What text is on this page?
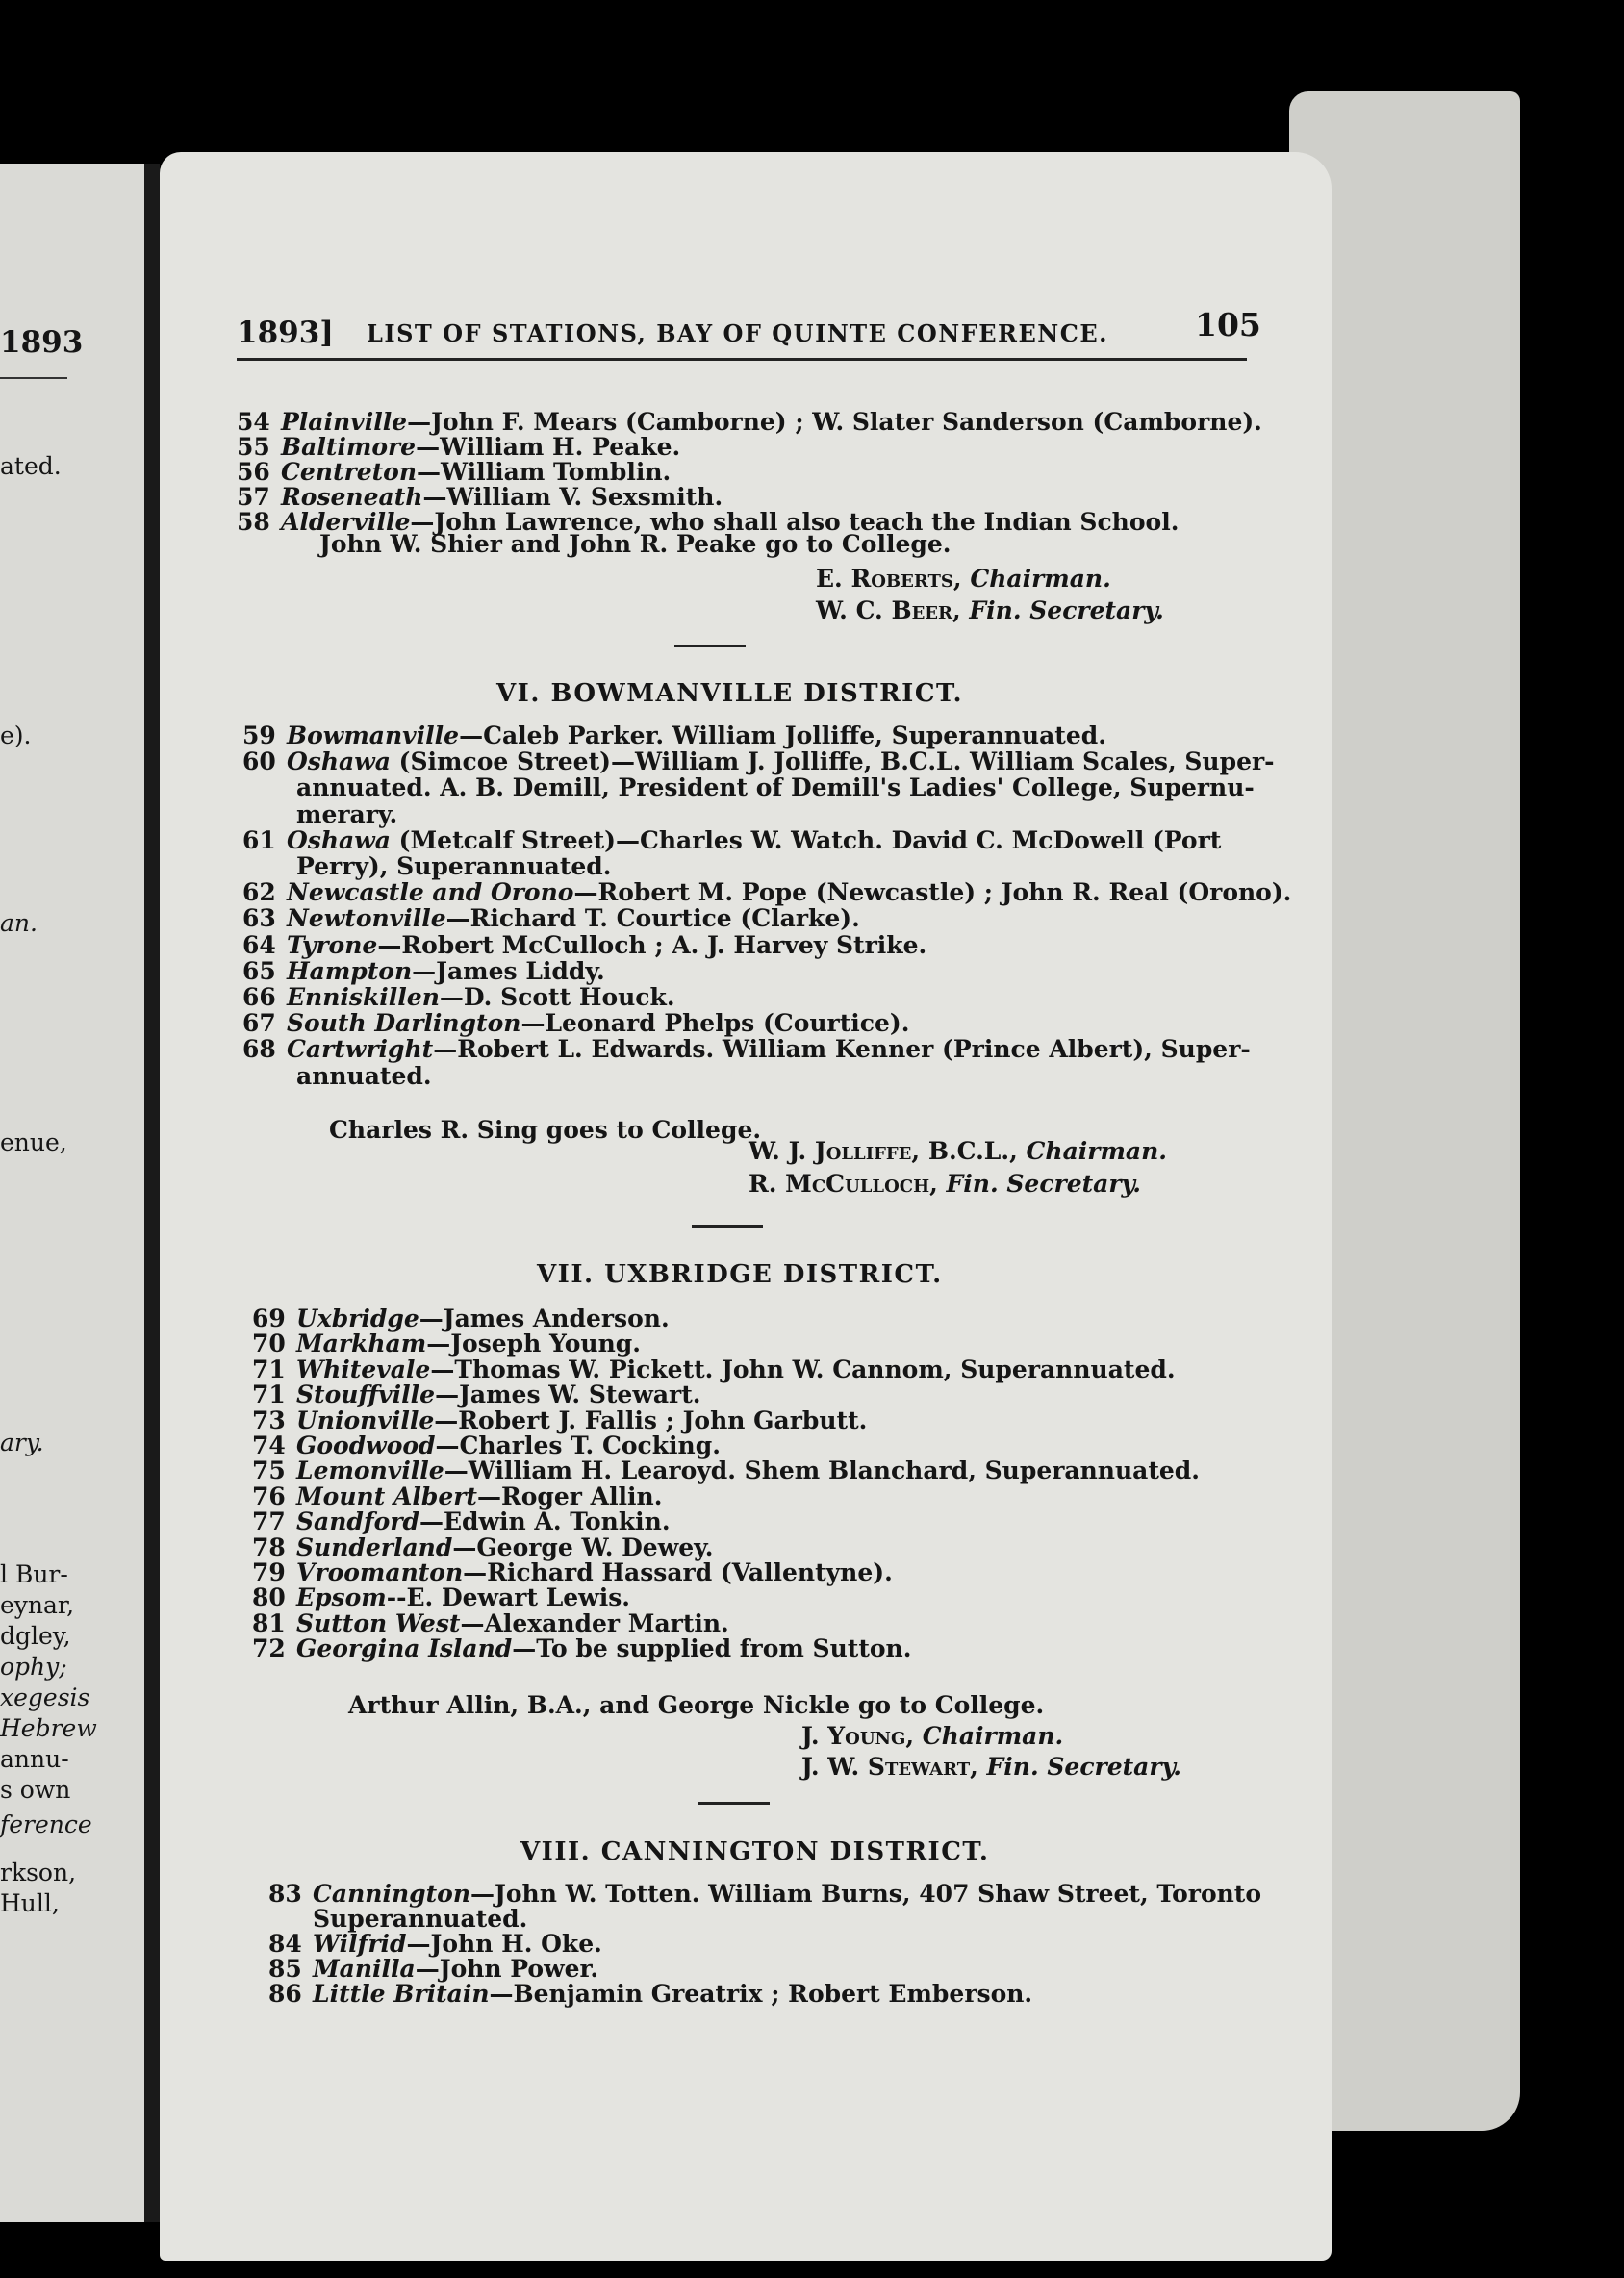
1893
ated.
e).
an.
enue,
ary.
l Bur-
eynar,
dgley,
ophy;
xegesis
Hebrew
annu-
s own
ference
rkson,
Hull,
1893] LIST OF STATIONS, BAY OF QUINTE CONFERENCE.	105
54 Plainville—John F. Mears (Camborne) ; W. Slater Sanderson (Camborne).
55 Baltimore—William H. Peake.
56 Centreton—William Tomblin.
57 Roseneath—William V. Sexsmith.
58 Alderville—John Lawrence, who shall also teach the Indian School.
John W. Shier and John R. Peake go to College.
E. Roberts, Chairman.
W. C. Beer, Fin. Secretary.
VI. BOWMANVILLE DISTRICT.
59 Bowmanville—Caleb Parker. William Jolliffe, Superannuated.
60 Oshawa (Simcoe Street)—William J. Jolliffe, B.C.L. William Scales, Super-
annuated. A. B. Demill, President of Demill's Ladies' College, Supernu-
merary.
61 Oshawa (Metcalf Street)—Charles W. Watch. David C. McDowell (Port
Perry), Superannuated.
62 Newcastle and Orono—Robert M. Pope (Newcastle) ; John R. Real (Orono).
63 Newtonville—Richard T. Courtice (Clarke).
64 Tyrone—Robert McCulloch ; A. J. Harvey Strike.
65 Hampton—James Liddy.
66 Enniskillen—D. Scott Houck.
67 South Darlington—Leonard Phelps (Courtice).
68 Cartwright—Robert L. Edwards. William Kenner (Prince Albert), Super-
annuated.
Charles R. Sing goes to College.
W. J. Jolliffe, B.C.L., Chairman.
R. McCulloch, Fin. Secretary.
VII. UXBRIDGE DISTRICT.
69 Uxbridge—James Anderson.
70 Markham—Joseph Young.
71 Whitevale—Thomas W. Pickett. John W. Cannom, Superannuated.
71 Stouffville—James W. Stewart.
73 Unionville—Robert J. Fallis ; John Garbutt.
74 Goodwood—Charles T. Cocking.
75 Lemonville—William H. Learoyd. Shem Blanchard, Superannuated.
76 Mount Albert—Roger Allin.
77 Sandford—Edwin A. Tonkin.
78 Sunderland—George W. Dewey.
79 Vroomanton—Richard Hassard (Vallentyne).
80 Epsom--E. Dewart Lewis.
81 Sutton West—Alexander Martin.
72 Georgina Island—To be supplied from Sutton.
Arthur Allin, B.A., and George Nickle go to College.
J. Young, Chairman.
J. W. Stewart, Fin. Secretary.
VIII. CANNINGTON DISTRICT.
83 Cannington—John W. Totten. William Burns, 407 Shaw Street, Toronto
Superannuated.
84 Wilfrid—John H. Oke.
85 Manilla—John Power.
86 Little Britain—Benjamin Greatrix ; Robert Emberson.
